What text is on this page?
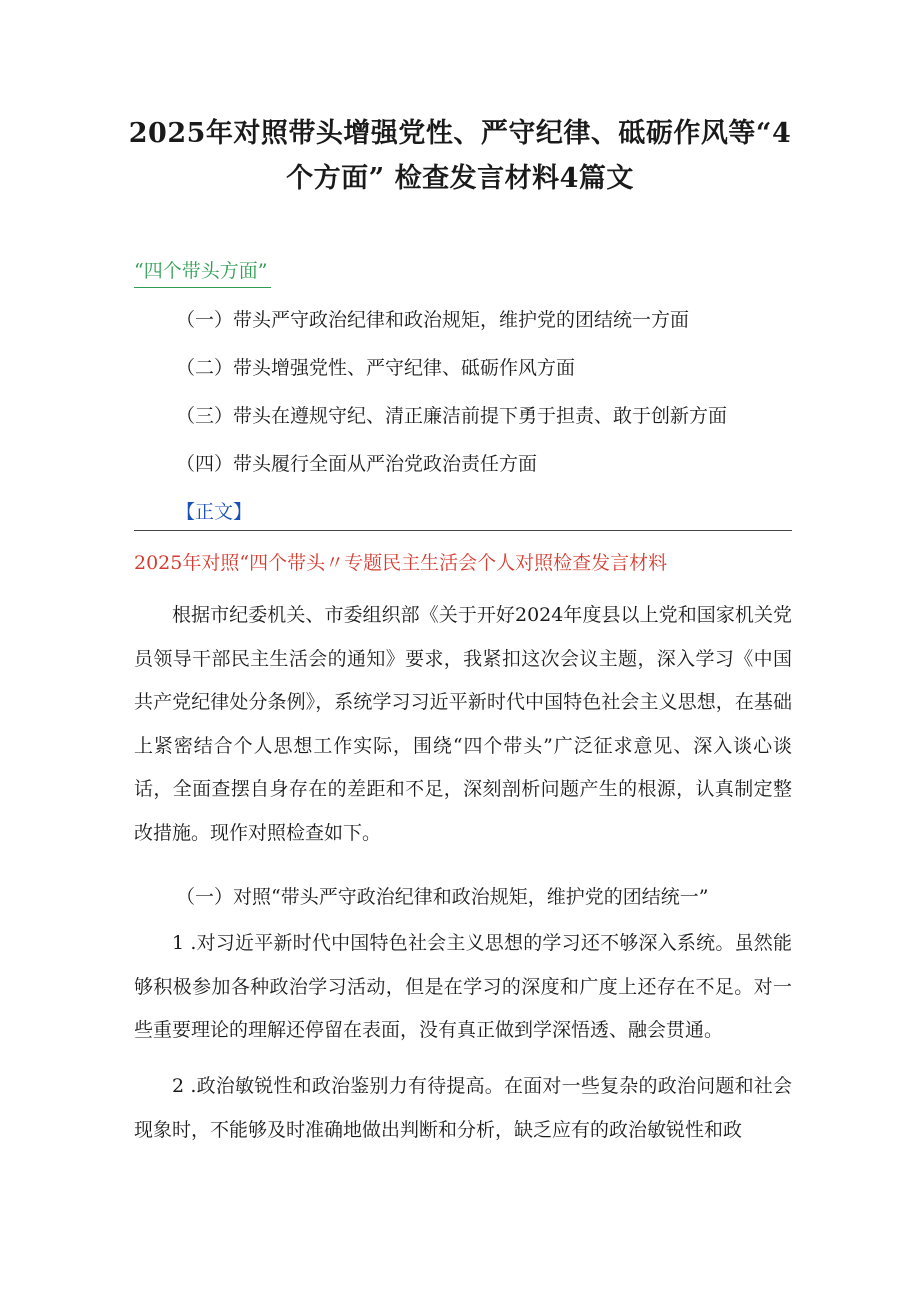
2025年对照带头增强党性、严守纪律、砥砺作风等“4
个方面” 检查发言材料4篇文
“四个带头方面”
（一）带头严守政治纪律和政治规矩，维护党的团结统一方面
（二）带头增强党性、严守纪律、砥砺作风方面
（三）带头在遵规守纪、清正廉洁前提下勇于担责、敢于创新方面
（四）带头履行全面从严治党政治责任方面
【正文】
2025年对照“四个带头〃专题民主生活会个人对照检查发言材料

根据市纪委机关、市委组织部《关于开好2024年度县以上党和国家机关党员领导干部民主生活会的通知》要求，我紧扣这次会议主题，深入学习《中国共产党纪律处分条例》，系统学习习近平新时代中国特色社会主义思想，在基础上紧密结合个人思想工作实际，围绕“四个带头”广泛征求意见、深入谈心谈话，全面查摆自身存在的差距和不足，深刻剖析问题产生的根源，认真制定整改措施。现作对照检查如下。

（一）对照“带头严守政治纪律和政治规矩，维护党的团结统一”

1 .对习近平新时代中国特色社会主义思想的学习还不够深入系统。虽然能够积极参加各种政治学习活动，但是在学习的深度和广度上还存在不足。对一些重要理论的理解还停留在表面，没有真正做到学深悟透、融会贯通。

2 .政治敏锐性和政治鉴别力有待提高。在面对一些复杂的政治问题和社会现象时，不能够及时准确地做出判断和分析，缺乏应有的政治敏锐性和政
